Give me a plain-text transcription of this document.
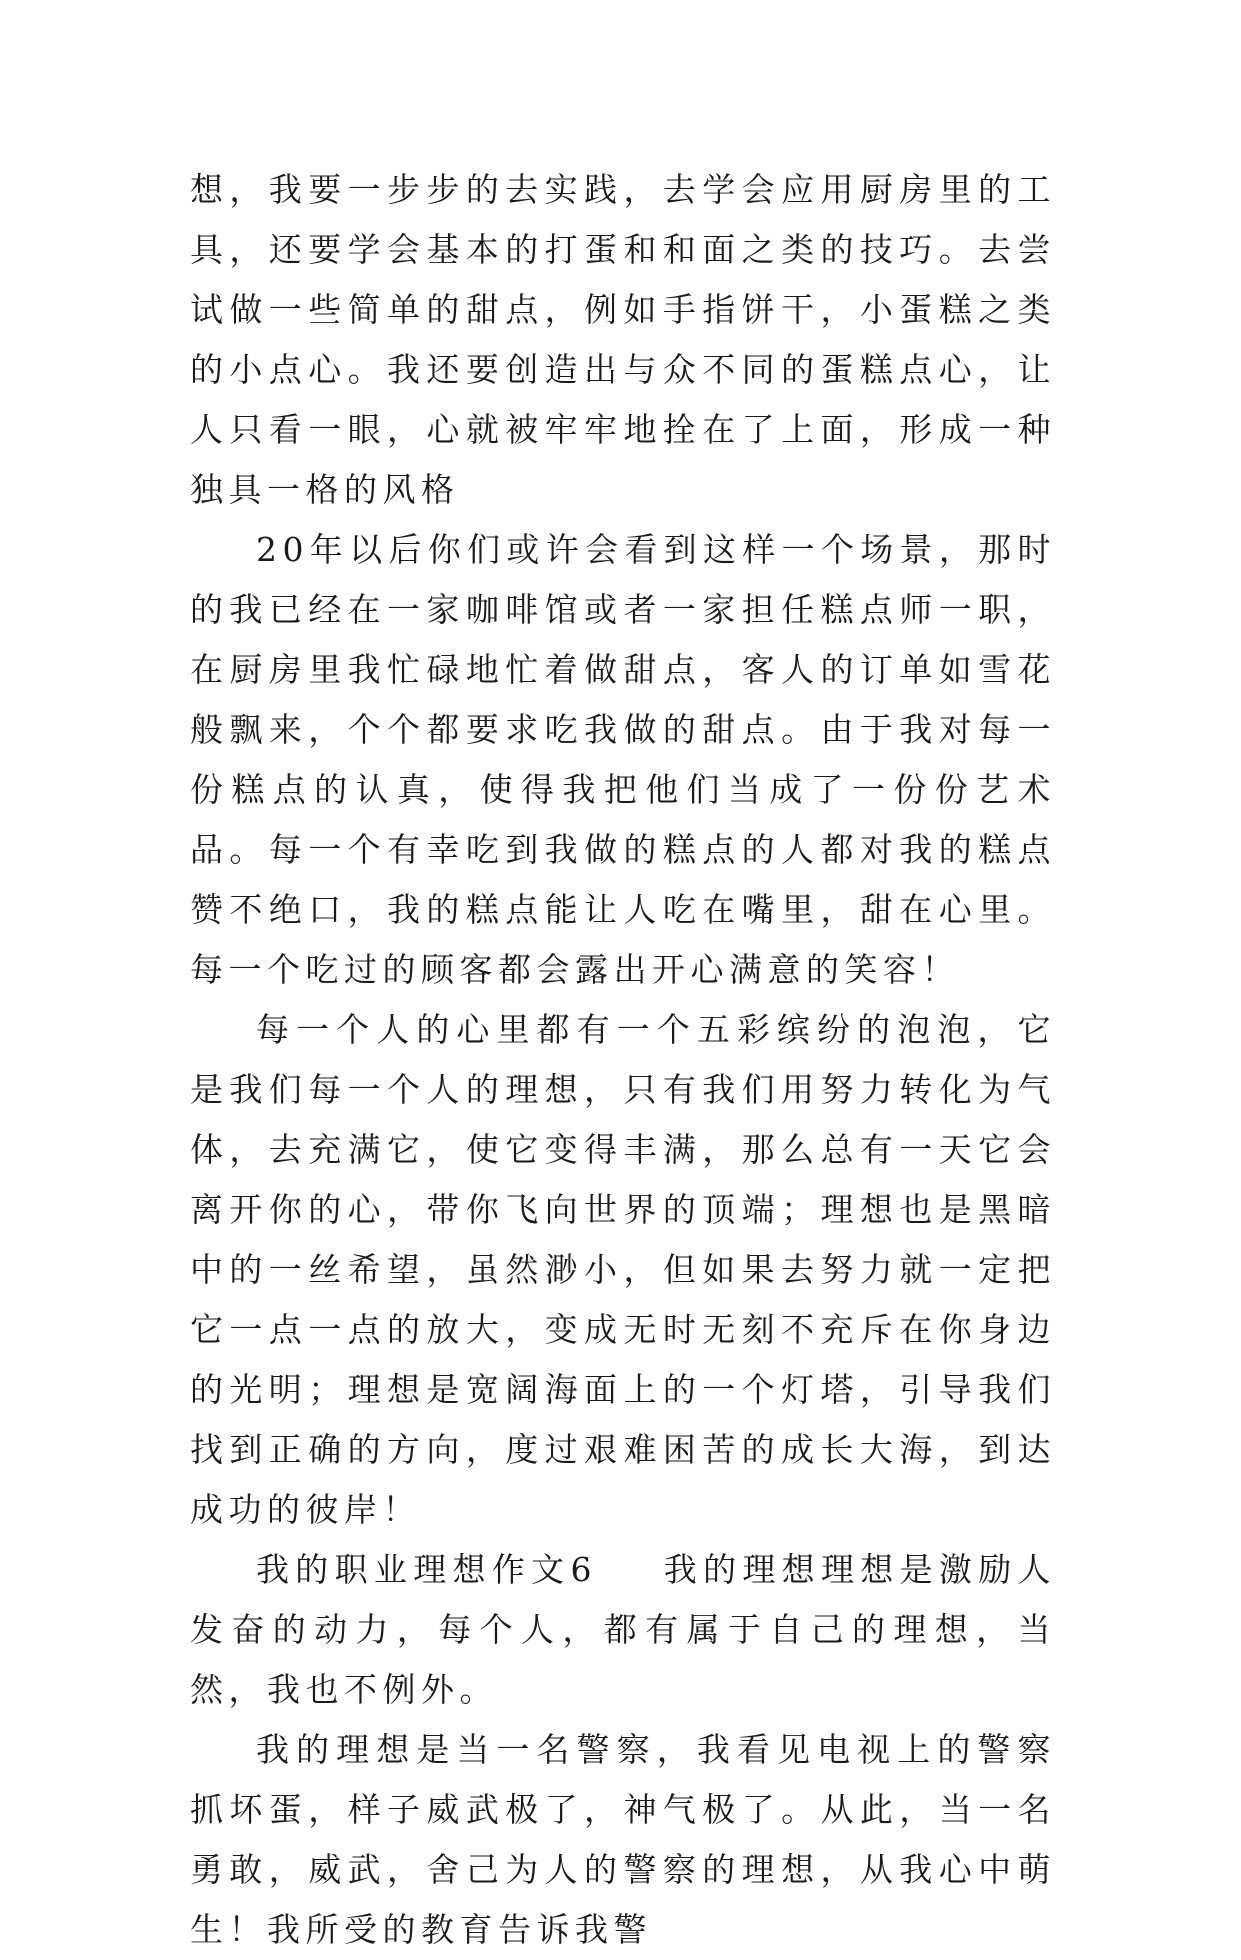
想，我要一步步的去实践，去学会应用厨房里的工具，还要学会基本的打蛋和和面之类的技巧。去尝试做一些简单的甜点，例如手指饼干，小蛋糕之类的小点心。我还要创造出与众不同的蛋糕点心，让人只看一眼，心就被牢牢地拴在了上面，形成一种独具一格的风格

20年以后你们或许会看到这样一个场景，那时的我已经在一家咖啡馆或者一家担任糕点师一职，在厨房里我忙碌地忙着做甜点，客人的订单如雪花般飘来，个个都要求吃我做的甜点。由于我对每一份糕点的认真，使得我把他们当成了一份份艺术品。每一个有幸吃到我做的糕点的人都对我的糕点赞不绝口，我的糕点能让人吃在嘴里，甜在心里。每一个吃过的顾客都会露出开心满意的笑容！

每一个人的心里都有一个五彩缤纷的泡泡，它是我们每一个人的理想，只有我们用努力转化为气体，去充满它，使它变得丰满，那么总有一天它会离开你的心，带你飞向世界的顶端；理想也是黑暗中的一丝希望，虽然渺小，但如果去努力就一定把它一点一点的放大，变成无时无刻不充斥在你身边的光明；理想是宽阔海面上的一个灯塔，引导我们找到正确的方向，度过艰难困苦的成长大海，到达成功的彼岸！

我的职业理想作文6 我的理想理想是激励人发奋的动力，每个人，都有属于自己的理想，当然，我也不例外。

我的理想是当一名警察，我看见电视上的警察抓坏蛋，样子威武极了，神气极了。从此，当一名勇敢，威武，舍己为人的警察的理想，从我心中萌生！我所受的教育告诉我警
